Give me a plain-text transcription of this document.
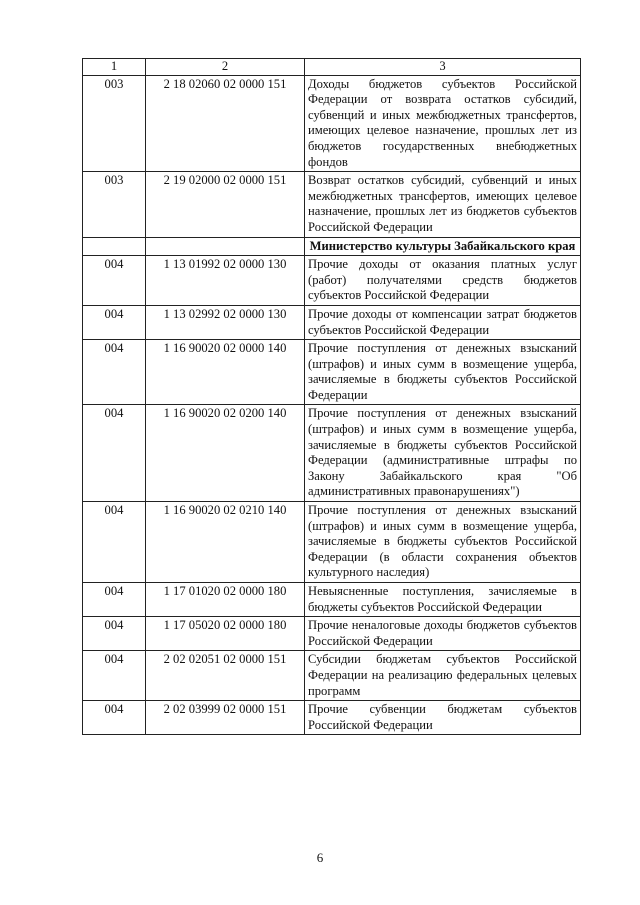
1	2	3
003	2 18 02060 02 0000 151	Доходы бюджетов субъектов Российской Федерации от возврата остатков субсидий, субвенций и иных межбюджетных трансфертов, имеющих целевое назначение, прошлых лет из бюджетов государственных внебюджетных фондов
003	2 19 02000 02 0000 151	Возврат остатков субсидий, субвенций и иных межбюджетных трансфертов, имеющих целевое назначение, прошлых лет из бюджетов субъектов Российской Федерации
		Министерство культуры Забайкальского края
004	1 13 01992 02 0000 130	Прочие доходы от оказания платных услуг (работ) получателями средств бюджетов субъектов Российской Федерации
004	1 13 02992 02 0000 130	Прочие доходы от компенсации затрат бюджетов субъектов Российской Федерации
004	1 16 90020 02 0000 140	Прочие поступления от денежных взысканий (штрафов) и иных сумм в возмещение ущерба, зачисляемые в бюджеты субъектов Российской Федерации
004	1 16 90020 02 0200 140	Прочие поступления от денежных взысканий (штрафов) и иных сумм в возмещение ущерба, зачисляемые в бюджеты субъектов Российской Федерации (административные штрафы по Закону Забайкальского края "Об административных правонарушениях")
004	1 16 90020 02 0210 140	Прочие поступления от денежных взысканий (штрафов) и иных сумм в возмещение ущерба, зачисляемые в бюджеты субъектов Российской Федерации (в области сохранения объектов культурного наследия)
004	1 17 01020 02 0000 180	Невыясненные поступления, зачисляемые в бюджеты субъектов Российской Федерации
004	1 17 05020 02 0000 180	Прочие неналоговые доходы бюджетов субъектов Российской Федерации
004	2 02 02051 02 0000 151	Субсидии бюджетам субъектов Российской Федерации на реализацию федеральных целевых программ
004	2 02 03999 02 0000 151	Прочие субвенции бюджетам субъектов Российской Федерации
6
